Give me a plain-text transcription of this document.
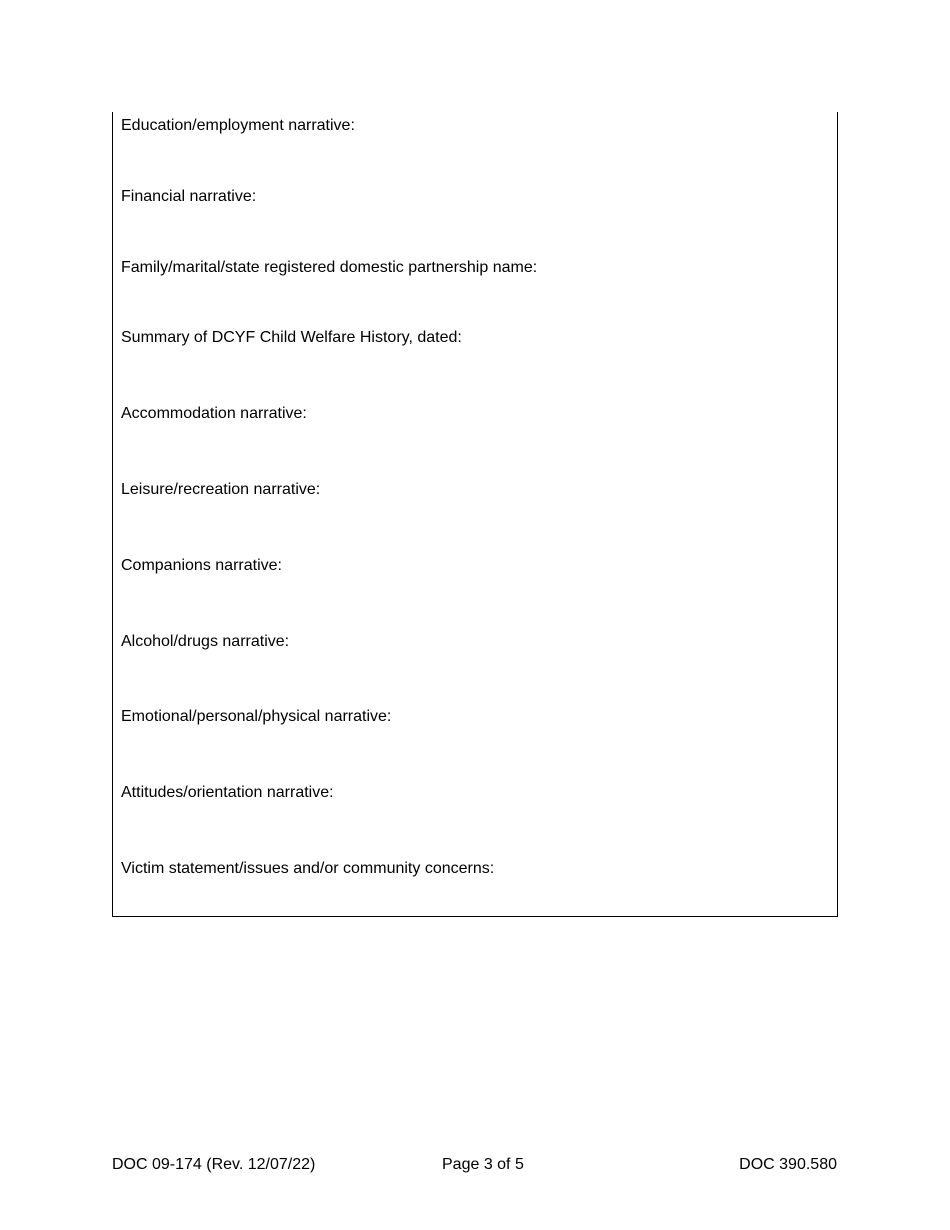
Education/employment narrative:
Financial narrative:
Family/marital/state registered domestic partnership name:
Summary of DCYF Child Welfare History, dated:
Accommodation narrative:
Leisure/recreation narrative:
Companions narrative:
Alcohol/drugs narrative:
Emotional/personal/physical narrative:
Attitudes/orientation narrative:
Victim statement/issues and/or community concerns:
DOC 09-174 (Rev. 12/07/22)	Page 3 of 5	DOC 390.580
